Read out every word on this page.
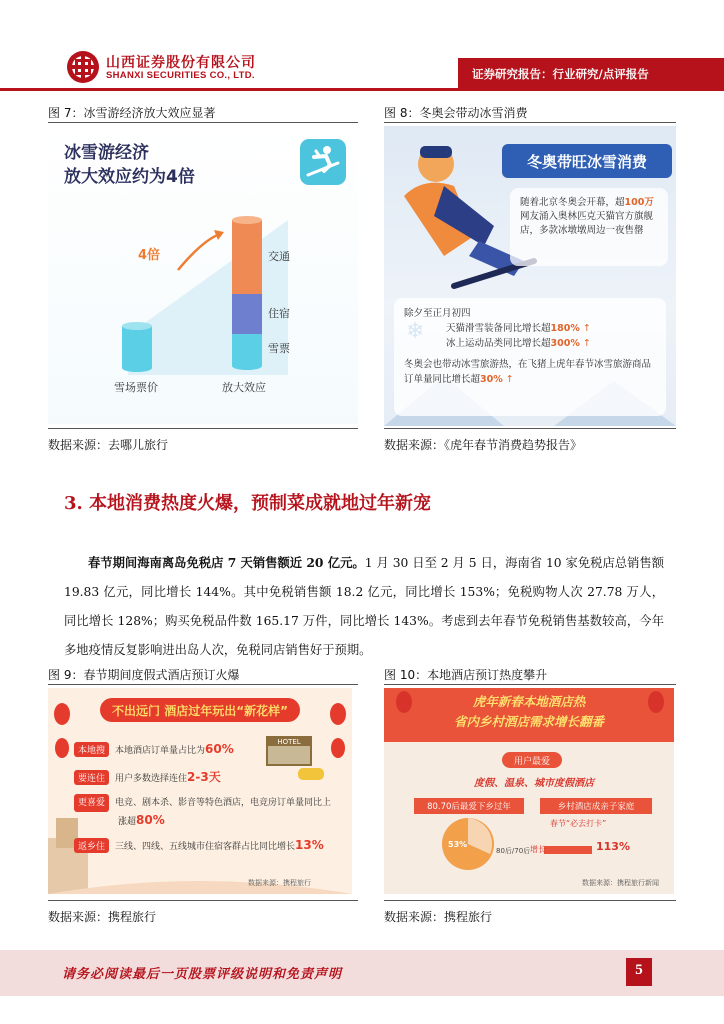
山西证券股份有限公司
SHANXI SECURITIES CO., LTD.	证券研究报告：行业研究/点评报告
图 7：冰雪游经济放大效应显著
冰雪游经济
放大效应约为4倍
4倍	交通
住宿
雪票
雪场票价	放大效应
数据来源：去哪儿旅行
图 8：冬奥会带动冰雪消费
冬奥带旺冰雪消费
随着北京冬奥会开幕，超100万网友涌入奥林匹克天猫官方旗舰店，多款冰墩墩周边一夜售罄
除夕至正月初四
天猫滑雪装备同比增长超180% ↑
冰上运动品类同比增长超300% ↑
冬奥会也带动冰雪旅游热，在飞猪上虎年春节冰雪旅游商品订单量同比增长超30% ↑
数据来源：《虎年春节消费趋势报告》
3. 本地消费热度火爆，预制菜成就地过年新宠
春节期间海南离岛免税店 7 天销售额近 20 亿元。1 月 30 日至 2 月 5 日，海南省 10 家免税店总销售额 19.83 亿元，同比增长 144%。其中免税销售额 18.2 亿元，同比增长 153%；免税购物人次 27.78 万人，同比增长 128%；购买免税品件数 165.17 万件，同比增长 143%。考虑到去年春节免税销售基数较高，今年多地疫情反复影响进出岛人次，免税同店销售好于预期。
图 9：春节期间度假式酒店预订火爆
不出远门 酒店过年玩出“新花样”
HOTEL
本地搜 本地酒店订单量占比为60%
要连住 用户多数选择连住2-3天
更喜爱 电竞、剧本杀、影音等特色酒店，电竞房订单量同比上涨超80%
返乡住 三线、四线、五线城市住宿客群占比同比增长13%
数据来源：携程旅行
数据来源：携程旅行
图 10：本地酒店预订热度攀升
虎年新春本地酒店热
省内乡村酒店需求增长翻番
用户最爱
度假、温泉、城市度假酒店
80.70后最爱下乡过年	乡村酒店成亲子家庭
春节“必去打卡”
53%
80后/70后 增长	113%
数据来源：携程旅行新闻
数据来源：携程旅行
请务必阅读最后一页股票评级说明和免责声明	5
